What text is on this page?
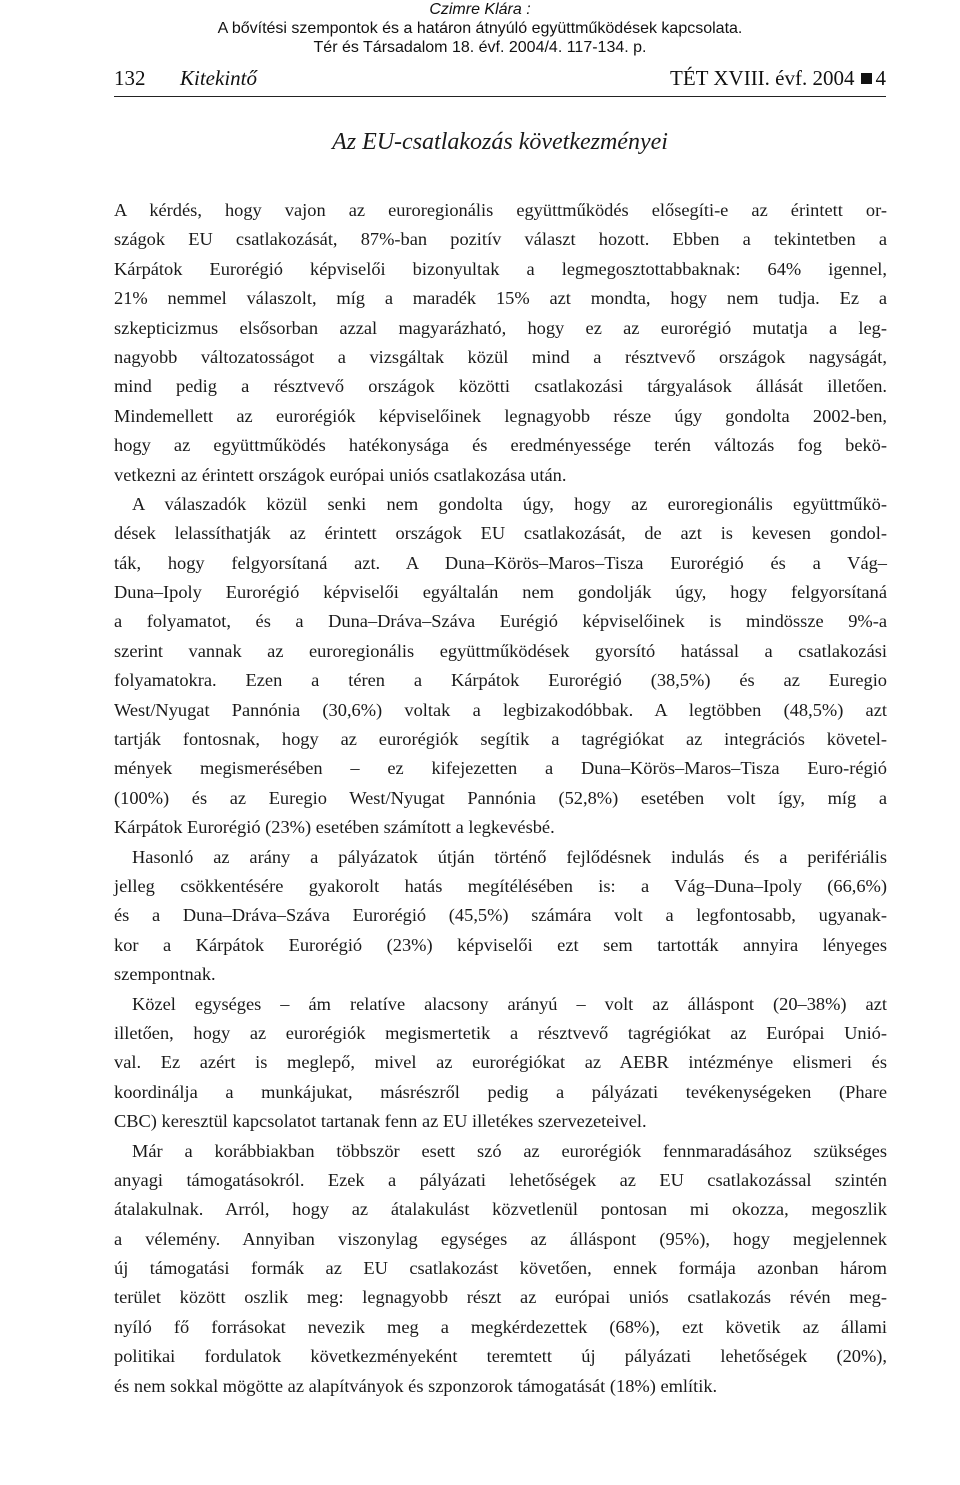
Czimre Klára :
A bővítési szempontok és a határon átnyúló együttműködések kapcsolata.
Tér és Társadalom 18. évf. 2004/4. 117-134. p.
132 Kitekintő	TÉT XVIII. évf. 2004 4
Az EU-csatlakozás következményei
A kérdés, hogy vajon az euroregionális együttműködés elősegíti-e az érintett or-
szágok EU csatlakozását, 87%-ban pozitív választ hozott. Ebben a tekintetben a
Kárpátok Eurorégió képviselői bizonyultak a legmegosztottabbaknak: 64% igennel,
21% nemmel válaszolt, míg a maradék 15% azt mondta, hogy nem tudja. Ez a
szkepticizmus elsősorban azzal magyarázható, hogy ez az eurorégió mutatja a leg-
nagyobb változatosságot a vizsgáltak közül mind a résztvevő országok nagyságát,
mind pedig a résztvevő országok közötti csatlakozási tárgyalások állását illetően.
Mindemellett az eurorégiók képviselőinek legnagyobb része úgy gondolta 2002-ben,
hogy az együttműködés hatékonysága és eredményessége terén változás fog bekö-
vetkezni az érintett országok európai uniós csatlakozása után.
A válaszadók közül senki nem gondolta úgy, hogy az euroregionális együttműkö-
dések lelassíthatják az érintett országok EU csatlakozását, de azt is kevesen gondol-
ták, hogy felgyorsítaná azt. A Duna–Körös–Maros–Tisza Eurorégió és a Vág–
Duna–Ipoly Eurorégió képviselői egyáltalán nem gondolják úgy, hogy felgyorsítaná
a folyamatot, és a Duna–Dráva–Száva Eurégió képviselőinek is mindössze 9%-a
szerint vannak az euroregionális együttműködések gyorsító hatással a csatlakozási
folyamatokra. Ezen a téren a Kárpátok Eurorégió (38,5%) és az Euregio
West/Nyugat Pannónia (30,6%) voltak a legbizakodóbbak. A legtöbben (48,5%) azt
tartják fontosnak, hogy az eurorégiók segítik a tagrégiókat az integrációs követel-
mények megismerésében – ez kifejezetten a Duna–Körös–Maros–Tisza Euro-régió
(100%) és az Euregio West/Nyugat Pannónia (52,8%) esetében volt így, míg a
Kárpátok Eurorégió (23%) esetében számított a legkevésbé.
Hasonló az arány a pályázatok útján történő fejlődésnek indulás és a perifériális
jelleg csökkentésére gyakorolt hatás megítélésében is: a Vág–Duna–Ipoly (66,6%)
és a Duna–Dráva–Száva Eurorégió (45,5%) számára volt a legfontosabb, ugyanak-
kor a Kárpátok Eurorégió (23%) képviselői ezt sem tartották annyira lényeges
szempontnak.
Közel egységes – ám relatíve alacsony arányú – volt az álláspont (20–38%) azt
illetően, hogy az eurorégiók megismertetik a résztvevő tagrégiókat az Európai Unió-
val. Ez azért is meglepő, mivel az eurorégiókat az AEBR intézménye elismeri és
koordinálja a munkájukat, másrészről pedig a pályázati tevékenységeken (Phare
CBC) keresztül kapcsolatot tartanak fenn az EU illetékes szervezeteivel.
Már a korábbiakban többször esett szó az eurorégiók fennmaradásához szükséges
anyagi támogatásokról. Ezek a pályázati lehetőségek az EU csatlakozással szintén
átalakulnak. Arról, hogy az átalakulást közvetlenül pontosan mi okozza, megoszlik
a vélemény. Annyiban viszonylag egységes az álláspont (95%), hogy megjelennek
új támogatási formák az EU csatlakozást követően, ennek formája azonban három
terület között oszlik meg: legnagyobb részt az európai uniós csatlakozás révén meg-
nyíló fő forrásokat nevezik meg a megkérdezettek (68%), ezt követik az állami
politikai fordulatok következményeként teremtett új pályázati lehetőségek (20%),
és nem sokkal mögötte az alapítványok és szponzorok támogatását (18%) említik.
